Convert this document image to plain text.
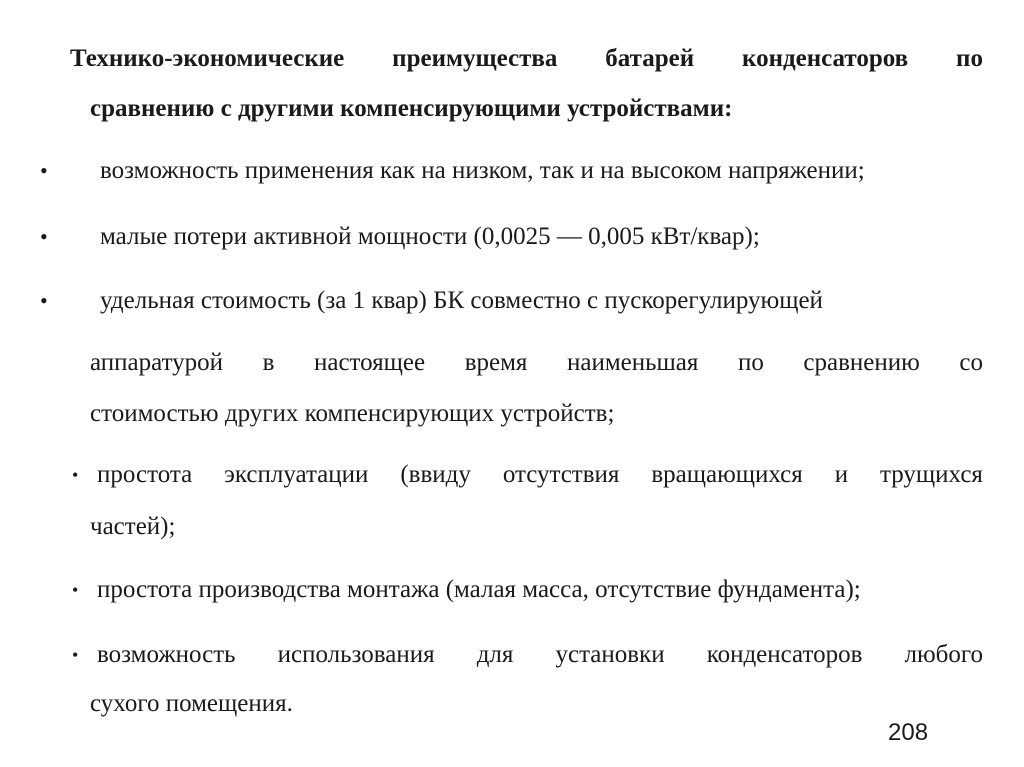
Технико-экономические преимущества батарей конденсаторов по
сравнению с другими компенсирующими устройствами:
• возможность применения как на низком, так и на высоком напряжении;
• малые потери активной мощности (0,0025 — 0,005 кВт/квар);
• удельная стоимость (за 1 квар) БК совместно с пускорегулирующей
аппаратурой в настоящее время наименьшая по сравнению со
стоимостью других компенсирующих устройств;
• простота эксплуатации (ввиду отсутствия вращающихся и трущихся
частей);
• простота производства монтажа (малая масса, отсутствие фундамента);
• возможность использования для установки конденсаторов любого
сухого помещения.
208
